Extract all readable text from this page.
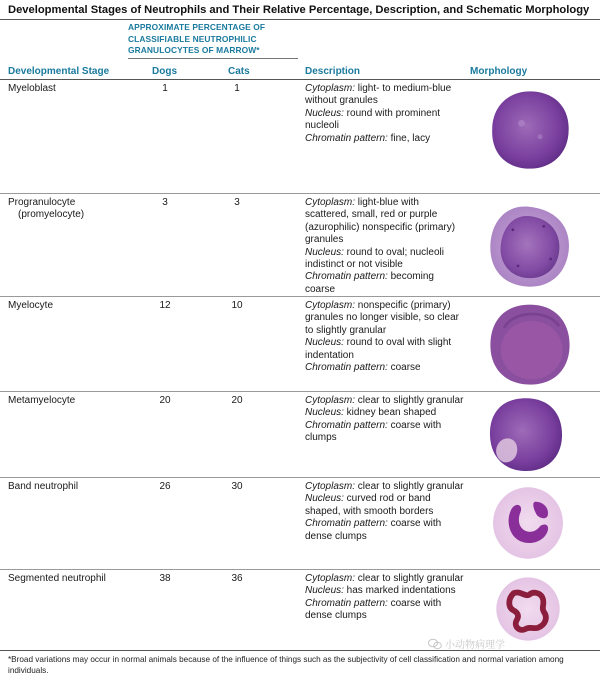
Developmental Stages of Neutrophils and Their Relative Percentage, Description, and Schematic Morphology
APPROXIMATE PERCENTAGE OF CLASSIFIABLE NEUTROPHILIC GRANULOCYTES OF MARROW*
Developmental Stage	Dogs	Cats	Description	Morphology
Myeloblast	1	1	Cytoplasm: light- to medium-blue without granules

Nucleus: round with prominent nucleoli

Chromatin pattern: fine, lacy

Progranulocyte
(promyelocyte)
3	3	Cytoplasm: light-blue with scattered, small, red or purple (azurophilic) nonspecific (primary) granules

Nucleus: round to oval; nucleoli indistinct or not visible

Chromatin pattern: becoming coarse

Myelocyte	12	10	Cytoplasm: nonspecific (primary) granules no longer visible, so clear to slightly granular

Nucleus: round to oval with slight indentation

Chromatin pattern: coarse

Metamyelocyte	20	20	Cytoplasm: clear to slightly granular

Nucleus: kidney bean shaped

Chromatin pattern: coarse with clumps

Band neutrophil	26	30	Cytoplasm: clear to slightly granular

Nucleus: curved rod or band shaped, with smooth borders

Chromatin pattern: coarse with dense clumps

Segmented neutrophil	38	36	Cytoplasm: clear to slightly granular

Nucleus: has marked indentations

Chromatin pattern: coarse with dense clumps

小动物病理学
*Broad variations may occur in normal animals because of the influence of things such as the subjectivity of cell classification and normal variation among individuals.
